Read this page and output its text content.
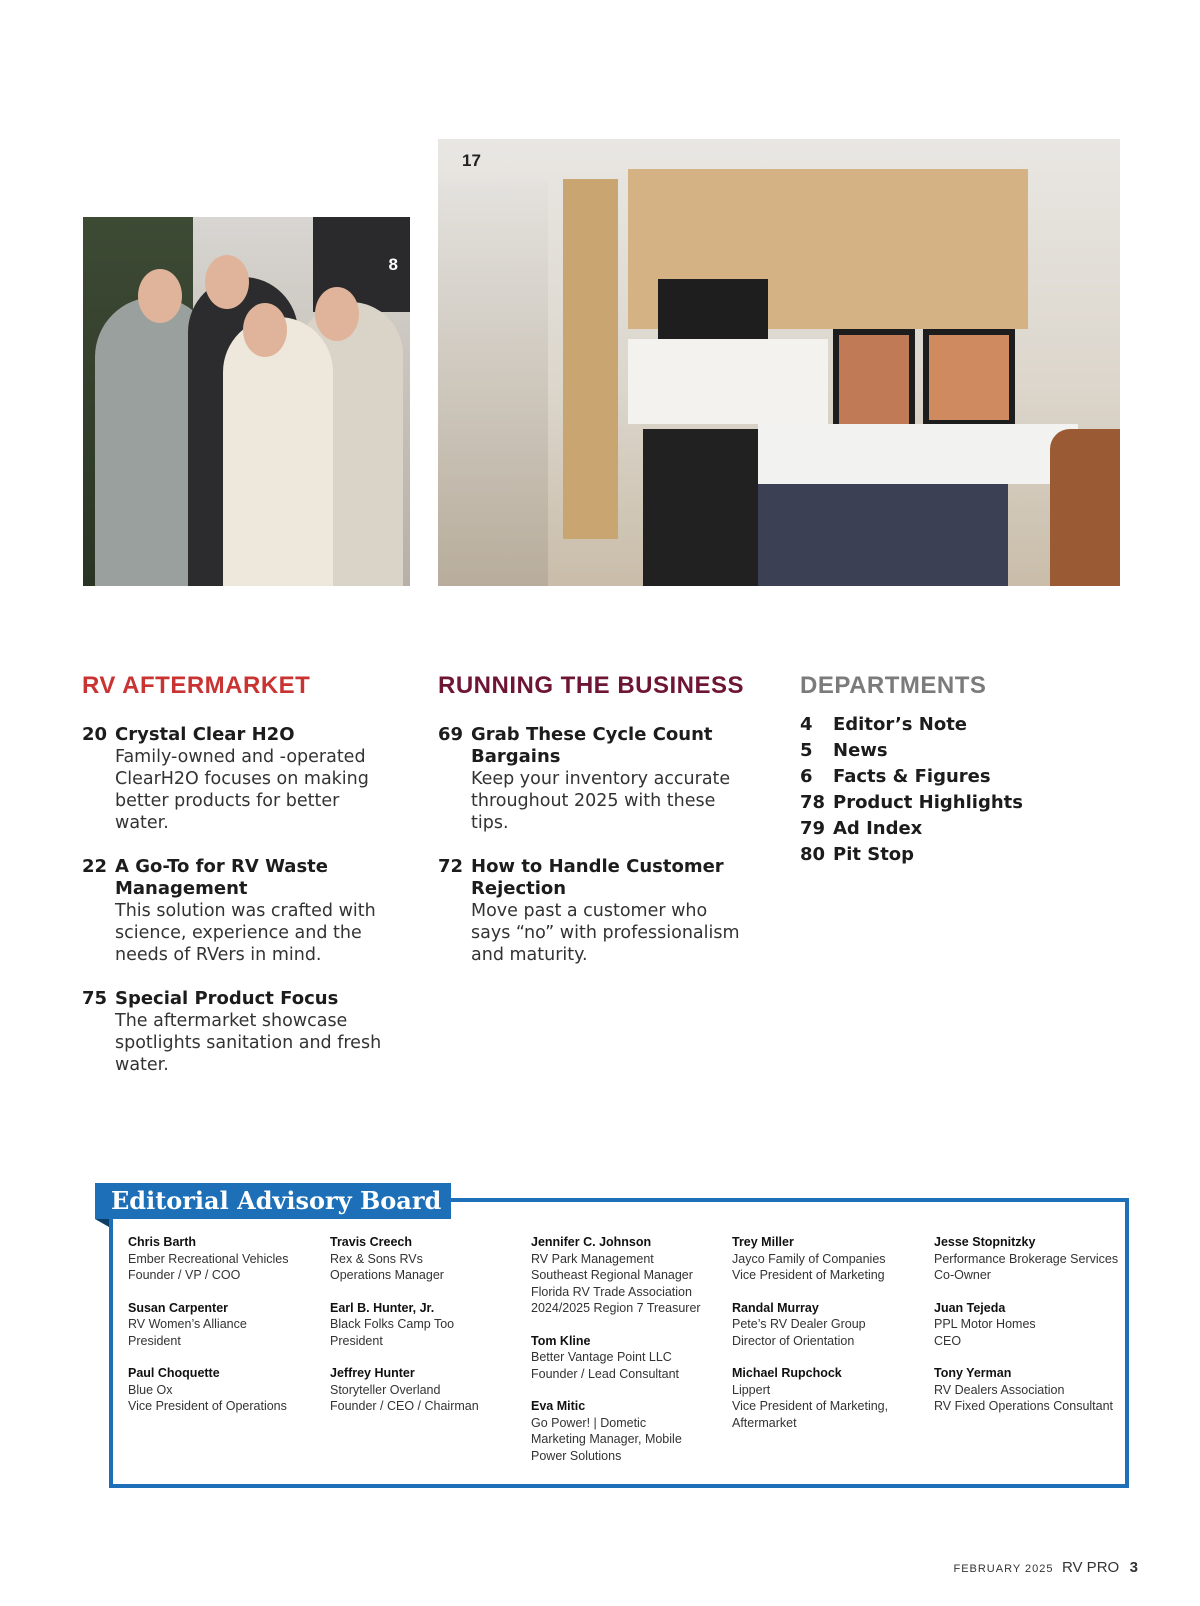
8
17
RV AFTERMARKET
20 Crystal Clear H2O
Family-owned and -operated ClearH2O focuses on making better products for better water.
22 A Go-To for RV Waste Management
This solution was crafted with science, experience and the needs of RVers in mind.
75 Special Product Focus
The aftermarket showcase spotlights sanitation and fresh water.
RUNNING THE BUSINESS
69 Grab These Cycle Count Bargains
Keep your inventory accurate throughout 2025 with these tips.
72 How to Handle Customer Rejection
Move past a customer who says “no” with professionalism and maturity.
DEPARTMENTS
4	Editor’s Note
5	News
6	Facts & Figures
78 Product Highlights
79 Ad Index
80 Pit Stop
Editorial Advisory Board
Chris Barth
Ember Recreational Vehicles
Founder / VP / COO
Susan Carpenter
RV Women’s Alliance
President
Paul Choquette
Blue Ox
Vice President of Operations
Travis Creech
Rex & Sons RVs
Operations Manager
Earl B. Hunter, Jr.
Black Folks Camp Too
President
Jeffrey Hunter
Storyteller Overland
Founder / CEO / Chairman
Jennifer C. Johnson
RV Park Management
Southeast Regional Manager
Florida RV Trade Association
2024/2025 Region 7 Treasurer
Tom Kline
Better Vantage Point LLC
Founder / Lead Consultant
Eva Mitic
Go Power! | Dometic
Marketing Manager, Mobile
Power Solutions
Trey Miller
Jayco Family of Companies
Vice President of Marketing
Randal Murray
Pete’s RV Dealer Group
Director of Orientation
Michael Rupchock
Lippert
Vice President of Marketing,
Aftermarket
Jesse Stopnitzky
Performance Brokerage Services
Co-Owner
Juan Tejeda
PPL Motor Homes
CEO
Tony Yerman
RV Dealers Association
RV Fixed Operations Consultant
FEBRUARY 2025 RV PRO 3
